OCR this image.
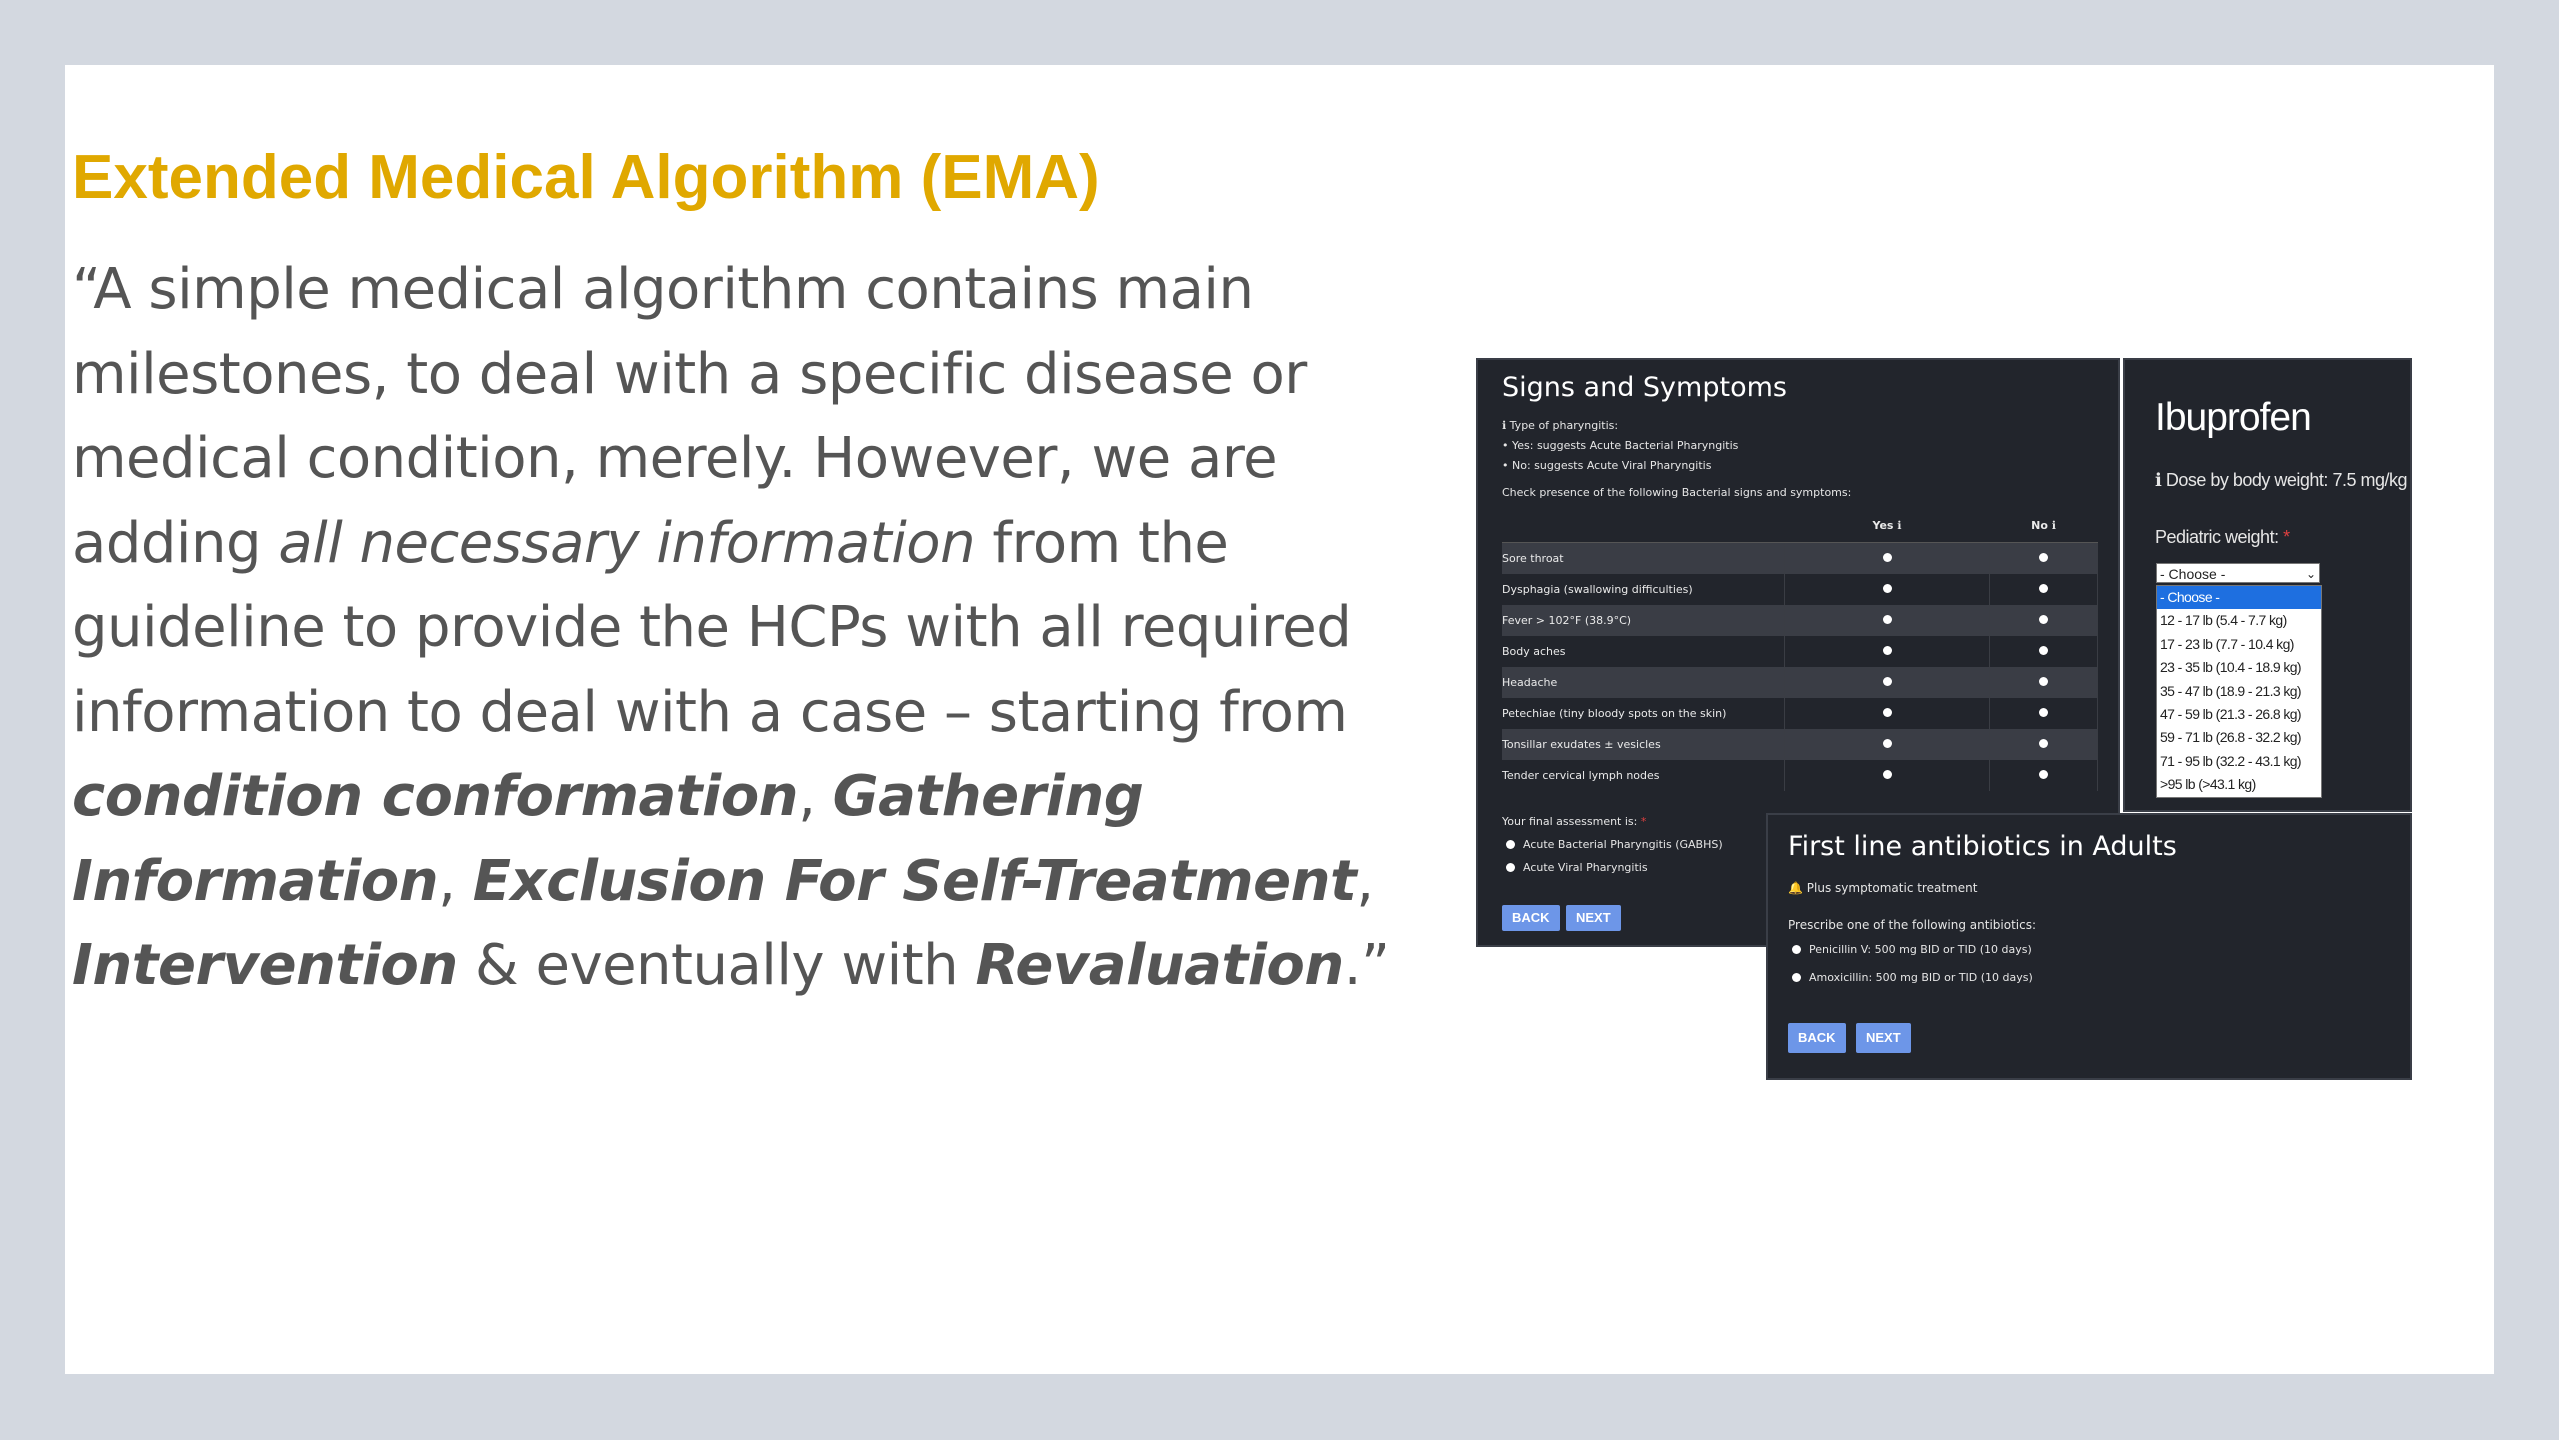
Extended Medical Algorithm (EMA)
“A simple medical algorithm contains main milestones, to deal with a specific disease or medical condition, merely. However, we are adding all necessary information from the guideline to provide the HCPs with all required information to deal with a case – starting from condition conformation, Gathering Information, Exclusion For Self-Treatment, Intervention & eventually with Revaluation.”
Signs and Symptoms
ℹ Type of pharyngitis:
• Yes: suggests Acute Bacterial Pharyngitis
• No: suggests Acute Viral Pharyngitis
Check presence of the following Bacterial signs and symptoms:
	Yes ℹ	No ℹ
Sore throat		
Dysphagia (swallowing difficulties)		
Fever > 102°F (38.9°C)		
Body aches		
Headache		
Petechiae (tiny bloody spots on the skin)		
Tonsillar exudates ± vesicles		
Tender cervical lymph nodes		
Your final assessment is: *
Acute Bacterial Pharyngitis (GABHS)
Acute Viral Pharyngitis
BACK	NEXT
Ibuprofen
ℹ Dose by body weight: 7.5 mg/kg
Pediatric weight: *
- Choose -	⌄
- Choose -
12 - 17 lb (5.4 - 7.7 kg)
17 - 23 lb (7.7 - 10.4 kg)
23 - 35 lb (10.4 - 18.9 kg)
35 - 47 lb (18.9 - 21.3 kg)
47 - 59 lb (21.3 - 26.8 kg)
59 - 71 lb (26.8 - 32.2 kg)
71 - 95 lb (32.2 - 43.1 kg)
>95 lb (>43.1 kg)
First line antibiotics in Adults
🔔 Plus symptomatic treatment
Prescribe one of the following antibiotics:
Penicillin V: 500 mg BID or TID (10 days)
Amoxicillin: 500 mg BID or TID (10 days)
BACK	NEXT
